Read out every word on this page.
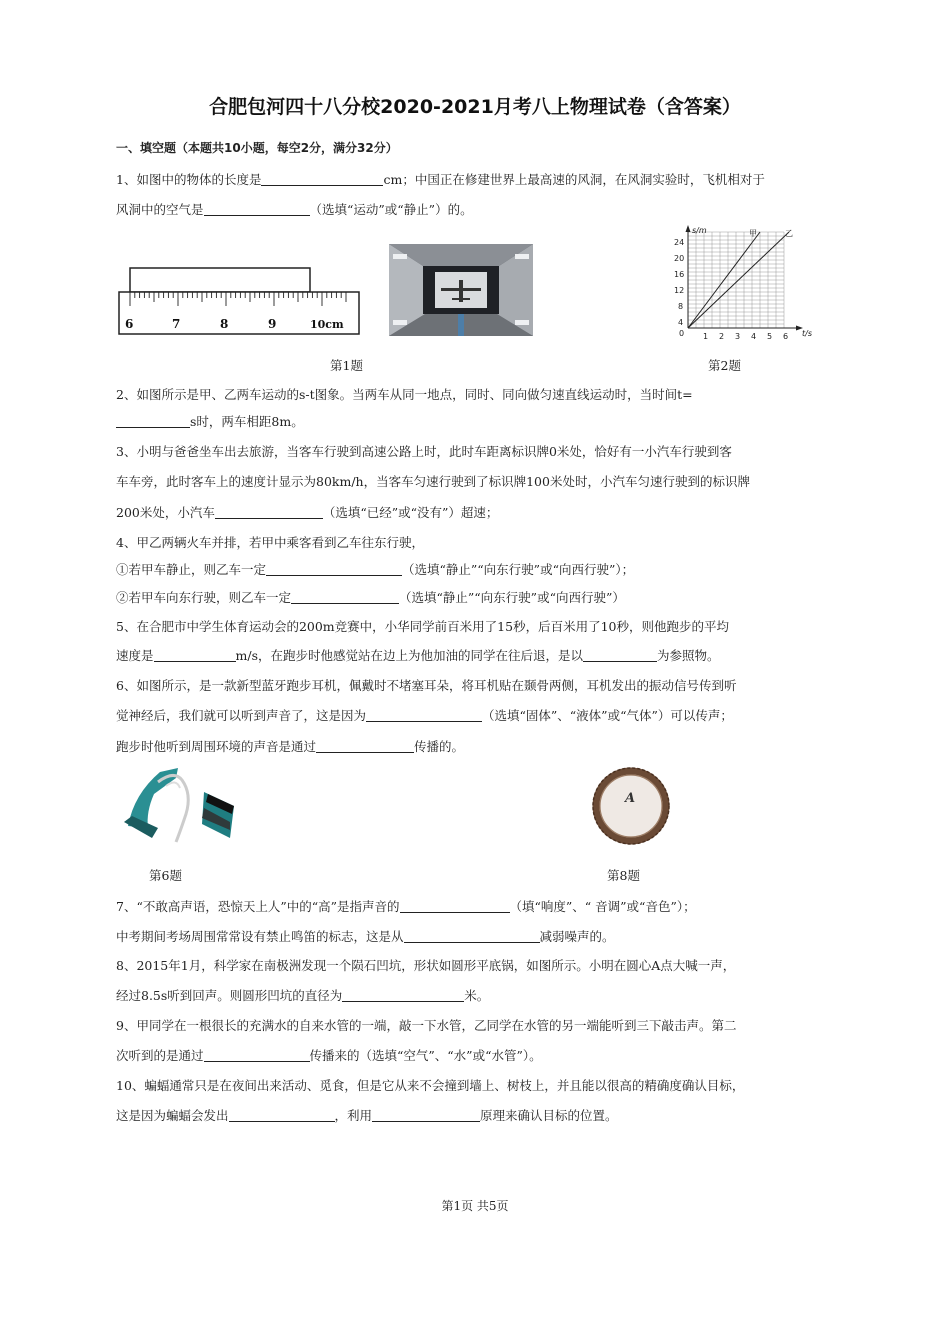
合肥包河四十八分校2020-2021月考八上物理试卷（含答案）
一、填空题（本题共10小题，每空2分，满分32分）
1、如图中的物体的长度是	cm；中国正在修建世界上最高速的风洞，在风洞实验时，飞机相对于
风洞中的空气是	（选填“运动”或“静止”）的。
6	7	8	9	10cm
s/m
t/s
甲	乙
24
20
16
12
8
4
0 1 2 3 4 5 6
第1题	第2题
2、如图所示是甲、乙两车运动的s-t图象。当两车从同一地点，同时、同向做匀速直线运动时，当时间t=
s时，两车相距8m。
3、小明与爸爸坐车出去旅游，当客车行驶到高速公路上时，此时车距离标识牌0米处，恰好有一小汽车行驶到客
车车旁，此时客车上的速度计显示为80km/h，当客车匀速行驶到了标识牌100米处时，小汽车匀速行驶到的标识牌
200米处，小汽车	（选填“已经”或“没有”）超速；
4、甲乙两辆火车并排，若甲中乘客看到乙车往东行驶，
①若甲车静止，则乙车一定	（选填“静止”“向东行驶”或“向西行驶”）；
②若甲车向东行驶，则乙车一定	（选填“静止”“向东行驶”或“向西行驶”）
5、在合肥市中学生体育运动会的200m竞赛中，小华同学前百米用了15秒，后百米用了10秒，则他跑步的平均
速度是	m/s，在跑步时他感觉站在边上为他加油的同学在往后退，是以	为参照物。
6、如图所示，是一款新型蓝牙跑步耳机，佩戴时不堵塞耳朵，将耳机贴在颞骨两侧，耳机发出的振动信号传到听
觉神经后，我们就可以听到声音了，这是因为	（选填“固体”、“液体”或“气体”）可以传声；
跑步时他听到周围环境的声音是通过	传播的。
A
第6题	第8题
7、“不敢高声语，恐惊天上人”中的“高”是指声音的	（填“响度”、“ 音调”或“音色”）；
中考期间考场周围常常设有禁止鸣笛的标志，这是从	减弱噪声的。
8、2015年1月，科学家在南极洲发现一个陨石凹坑，形状如圆形平底锅，如图所示。小明在圆心A点大喊一声，
经过8.5s听到回声。则圆形凹坑的直径为	米。
9、甲同学在一根很长的充满水的自来水管的一端，敲一下水管，乙同学在水管的另一端能听到三下敲击声。第二
次听到的是通过	传播来的（选填“空气”、“水”或“水管”）。
10、蝙蝠通常只是在夜间出来活动、觅食，但是它从来不会撞到墙上、树枝上，并且能以很高的精确度确认目标，
这是因为蝙蝠会发出	，利用	原理来确认目标的位置。
第1页 共5页
